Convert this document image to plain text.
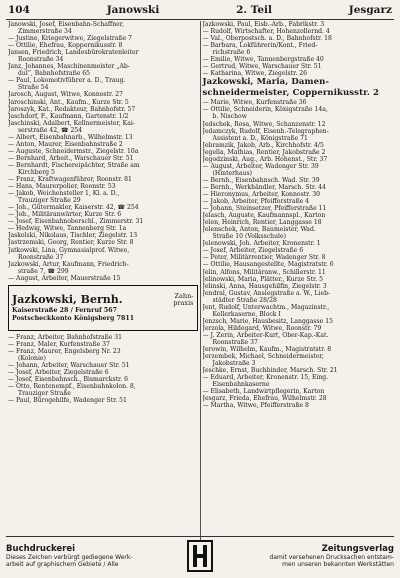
104	Janowski	2. Teil	Jesgarz
Janowski, Josef, Eisenbahn-Schaffner,
Zimmerstraße 34
— Justine, Kriegerwitwe, Ziegelstraße 7
— Ottilie, Ehefrau, Koppernikusstr. 8
Jansen, Friedrich, Landesbürokratenleiter
Roonstraße 34
Janz, Johannes, Maschinenmeister „Ab-
dul“, Bahnhofstraße 65
— Paul, Lokomotivführer a. D., Traug.
Straße 54
Jarosch, August, Witwe, Konnostr. 27
Jaroschinski, Ant., Kaufm., Kurze Str. 5
Jaroszyk, Kat., Redakteur, Bahnhofstr. 57
Jaschdorf, F., Kaufmann, Gartenstr. 1/2
Jaschinski, Adalbert, Kellnermeister, Kai-
serstraße 42, ☎ 254
— Albert, Eisenbahnarb., Wilhelmstr. 13
— Anton, Maurer, Eisenbahnstraße 2
— Auguste, Schneidermstr., Ziegelstr. 10a
— Bernhard, Arbeit., Warschauer Str. 51
— Bernhardt, Fischereipächter, Straße am
Kirchberg 5
— Franz, Kraftwagenführer, Roonstr. 81
— Hans, Maurerpolier, Roonstr. 53
— Jakob, Weichensteller 1, Kl. a. D.,
Trauziger Straße 29
— Joh., Gütermakler, Kaiserstr. 42, ☎ 254
— Joh., Militäranwärter, Kurze Str. 6
— Josef, Eisenbahnoberschl., Zimmerstr. 31
— Hedwig, Witwe, Tannenberg Str. 1a
Jaskolski, Nikolaus, Tischler, Ziegelstr. 13
Jastrzemski, Georg, Rentier, Kurze Str. 8
Jatkowski, Lina, Gymnasialprof. Witwe,
Roonstraße 37
Jazkowski, Artur, Kaufmann, Friedrich-
straße 7, ☎ 299
— August, Arbeiter, Mauerstraße 15
Jazkowski, Bernh.	Zahn-
praxis
Kaiserstraße 28 / Fernruf 567
Postscheckkonto Königsberg 7811
— Franz, Arbeiter, Bahnhofstraße 31
— Franz, Maler, Kurfenstraße 37
— Franz, Maurer, Engelsberg Nr. 23
(Kolonie)
— Johann, Arbeiter, Warschauer Str. 51
— Josef, Arbeiter, Ziegelstraße 6
— Josef, Eisenbahnsch., Bismarckstr. 6
— Otto, Rentenempf., Eisenbahnkolon. 8,
Trauziger Straße
— Paul, Bürogehilfe, Wadenger Str. 51
Jazkowski, Paul, Eisb.-Arb., Fabrikstr. 3
— Rudolf, Wirtschafter, Hohenzollernd. 4
— Val., Oberpostsch. a. D., Bahnhofstr. 18
— Barbara, Lokführerin/Kont., Fried-
richstraße 6
— Emilie, Witwe, Tannenbergstraße 40
— Gertrud, Witwe, Warschauer Str. 51
— Katharina, Witwe, Ziegelstr. 26
Jazkowski, Maria, Damen-
schneidermeister, Coppernikusstr. 2
— Marie, Witwe, Kurfenstraße 36
— Ottilie, Schneiderin, Königstraße 14a,
b. Nischow
Jedschek, Rosa, Witwe, Schanzenstr. 12
Jedamczyk, Rudolf, Eisenb.-Telegraphen-
Assistent a. D., Königstraße 71
Jebramzik, Jakob, Arb., Kirchhofstr. 4/5
Jegella, Mathias, Rentier, Jakobstraße 2
Jegodzinski, Aug., Arb. Hohenst., Str. 37
— August, Arbeiter, Wadenger Str. 39
(Hinterhaus)
— Bernh., Eisenbahnsch. Wad. Str. 39
— Bernh., Werkhändler, Marsch. Str. 44
— Hieronymus, Arbeiter, Konnostr. 30
— Jakob, Arbeiter, Pfeifferstraße 4
— Johann, Steinsetzer, Pfeifferstraße 11
Jelasch, Auguste, Kaufmannspl., Karton
Jelen, Heinrich, Rentier, Langgasse 18
Jelenschek, Anton, Baumeister, Wad.
Straße 10 (Volksschule)
Jelenowski, Joh. Arbeiter, Kronenstr. 1
— Josef, Arbeiter, Ziegelstraße 6
— Peter, Militärrentier, Wadenger Str. 8
— Ottilie, Hausangestellte, Magistratstr. 6
Jelin, Alfons, Militäranw., Schillerstr. 11
Jelinowski, Maria, Plätter., Kurze Str. 5
Jelinski, Anna, Hausgehilfin, Ziegelstr. 3
Jendral, Gustav, Ansiegstraße a. W., Lieb-
städter Straße 28/28
Jent, Rudolf, Unterwachtm., Magazinstr.,
Kellerkaserne, Block I
Jenzsch, Marie, Hausbesitz, Langgasse 15
Jerzola, Hildegard, Witwe, Roonstr. 79
— J. Zerin, Arbeiter-Kurt, Ober-Kap.-Kat.
Roonstraße 37
Jerowin, Wilhelm, Kaufm., Magistratstr. 8
Jerzembek, Michael, Schneidermeister,
Jakobstraße 3
Jeschke, Ernst, Buchbinder, Marsch. Str. 21
— Eduard, Arbeiter, Kronenstr. 15, Eing.
Eisenbahnkaserne
— Elisabeth, Landwirtpflegerin, Karton
Jesgarz, Frieda, Ehefrau, Wilhelmstr. 28
— Martha, Witwe, Pfeifferstraße 8
Buchdruckerei
Dieses Zeichen verbürgt gediegene Werk-
arbeit auf graphischem Gebiete / Alle
Zeitungsverlag
damit versehenen Drucksachen entstam-
men unseren bekannten Werkstätten
